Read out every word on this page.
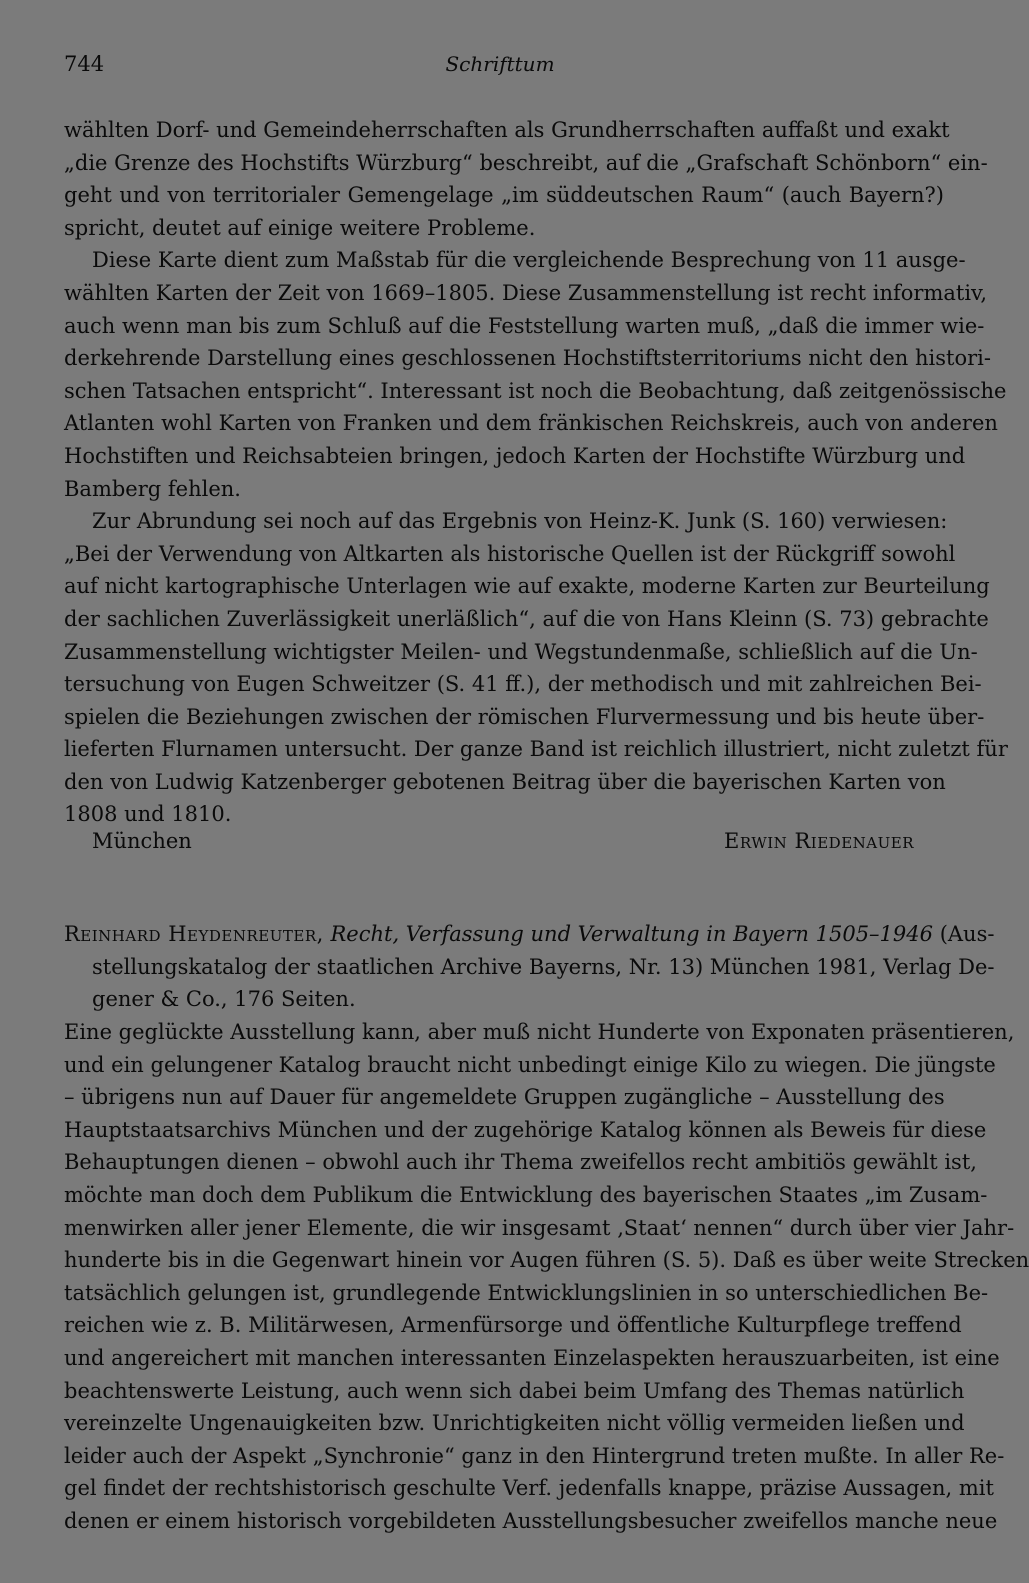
744	Schrifttum
wählten Dorf- und Gemeindeherrschaften als Grundherrschaften auffaßt und exakt
„die Grenze des Hochstifts Würzburg“ beschreibt, auf die „Grafschaft Schönborn“ ein-
geht und von territorialer Gemengelage „im süddeutschen Raum“ (auch Bayern?)
spricht, deutet auf einige weitere Probleme.
Diese Karte dient zum Maßstab für die vergleichende Besprechung von 11 ausge-
wählten Karten der Zeit von 1669–1805. Diese Zusammenstellung ist recht informativ,
auch wenn man bis zum Schluß auf die Feststellung warten muß, „daß die immer wie-
derkehrende Darstellung eines geschlossenen Hochstiftsterritoriums nicht den histori-
schen Tatsachen entspricht“. Interessant ist noch die Beobachtung, daß zeitgenössische
Atlanten wohl Karten von Franken und dem fränkischen Reichskreis, auch von anderen
Hochstiften und Reichsabteien bringen, jedoch Karten der Hochstifte Würzburg und
Bamberg fehlen.
Zur Abrundung sei noch auf das Ergebnis von Heinz-K. Junk (S. 160) verwiesen:
„Bei der Verwendung von Altkarten als historische Quellen ist der Rückgriff sowohl
auf nicht kartographische Unterlagen wie auf exakte, moderne Karten zur Beurteilung
der sachlichen Zuverlässigkeit unerläßlich“, auf die von Hans Kleinn (S. 73) gebrachte
Zusammenstellung wichtigster Meilen- und Wegstundenmaße, schließlich auf die Un-
tersuchung von Eugen Schweitzer (S. 41 ff.), der methodisch und mit zahlreichen Bei-
spielen die Beziehungen zwischen der römischen Flurvermessung und bis heute über-
lieferten Flurnamen untersucht. Der ganze Band ist reichlich illustriert, nicht zuletzt für
den von Ludwig Katzenberger gebotenen Beitrag über die bayerischen Karten von
1808 und 1810.
München	Erwin Riedenauer
Reinhard Heydenreuter, Recht, Verfassung und Verwaltung in Bayern 1505–1946 (Aus-
stellungskatalog der staatlichen Archive Bayerns, Nr. 13) München 1981, Verlag De-
gener & Co., 176 Seiten.
Eine geglückte Ausstellung kann, aber muß nicht Hunderte von Exponaten präsentieren,
und ein gelungener Katalog braucht nicht unbedingt einige Kilo zu wiegen. Die jüngste
– übrigens nun auf Dauer für angemeldete Gruppen zugängliche – Ausstellung des
Hauptstaatsarchivs München und der zugehörige Katalog können als Beweis für diese
Behauptungen dienen – obwohl auch ihr Thema zweifellos recht ambitiös gewählt ist,
möchte man doch dem Publikum die Entwicklung des bayerischen Staates „im Zusam-
menwirken aller jener Elemente, die wir insgesamt ‚Staat‘ nennen“ durch über vier Jahr-
hunderte bis in die Gegenwart hinein vor Augen führen (S. 5). Daß es über weite Strecken
tatsächlich gelungen ist, grundlegende Entwicklungslinien in so unterschiedlichen Be-
reichen wie z. B. Militärwesen, Armenfürsorge und öffentliche Kulturpflege treffend
und angereichert mit manchen interessanten Einzelaspekten herauszuarbeiten, ist eine
beachtenswerte Leistung, auch wenn sich dabei beim Umfang des Themas natürlich
vereinzelte Ungenauigkeiten bzw. Unrichtigkeiten nicht völlig vermeiden ließen und
leider auch der Aspekt „Synchronie“ ganz in den Hintergrund treten mußte. In aller Re-
gel findet der rechtshistorisch geschulte Verf. jedenfalls knappe, präzise Aussagen, mit
denen er einem historisch vorgebildeten Ausstellungsbesucher zweifellos manche neue
